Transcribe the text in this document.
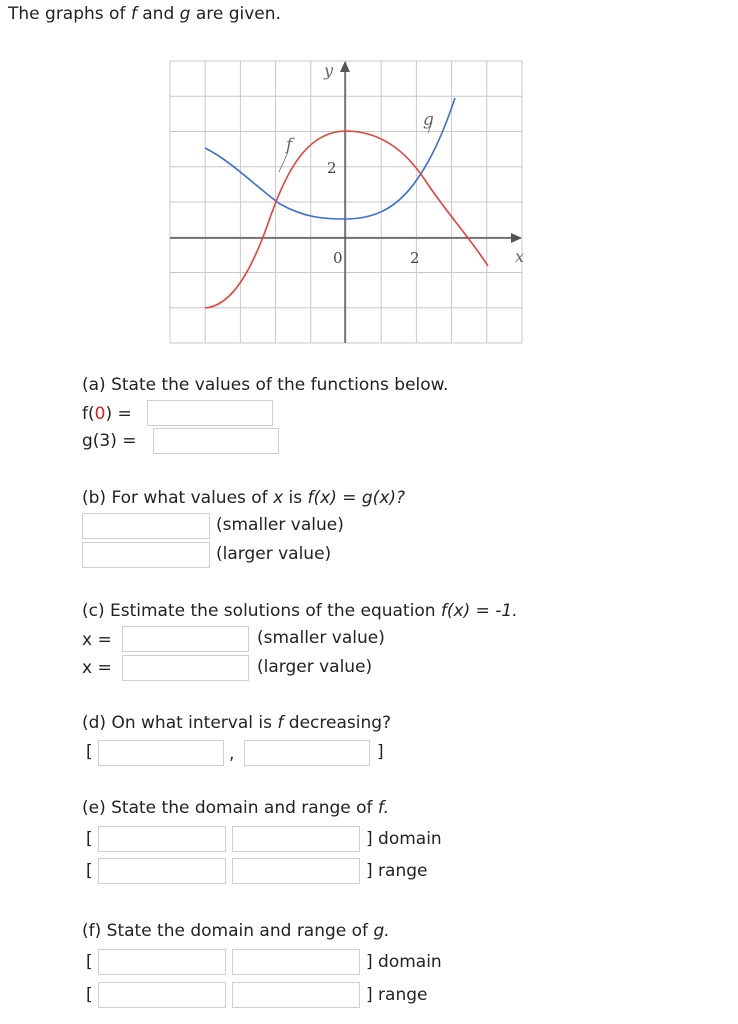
The graphs of f and g are given.
y
x
2
0	2
f
g
(a) State the values of the functions below.
f(0) =
g(3) =
(b) For what values of x is f(x) = g(x)?
(smaller value)
(larger value)
(c) Estimate the solutions of the equation f(x) = -1.
x =	(smaller value)
x =	(larger value)
(d) On what interval is f decreasing?
[	,	]
(e) State the domain and range of f.
[	] domain
[	] range
(f) State the domain and range of g.
[	] domain
[	] range
